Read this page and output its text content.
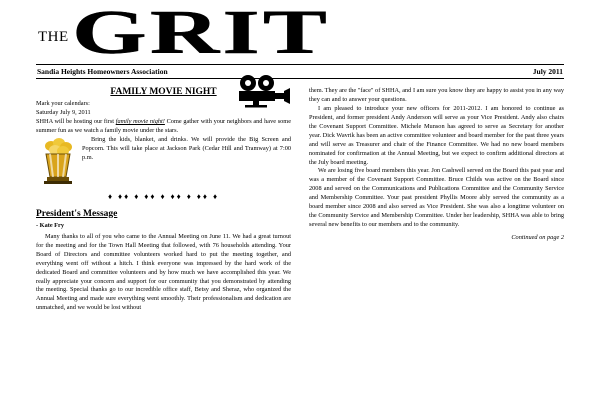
THE GRIT
Sandia Heights Homeowners Association	July 2011
FAMILY MOVIE NIGHT

Mark your calendars:

Saturday July 9, 2011

SHHA will be hosting our first family movie night! Come gather with your neighbors and have some summer fun as we watch a family movie under the stars.

Bring the kids, blanket, and drinks. We will provide the Big Screen and Popcorn. This will take place at Jackson Park (Cedar Hill and Tramway) at 7:00 p.m.

♦ ♦♦ ♦ ♦♦ ♦ ♦♦ ♦ ♦♦ ♦
President's Message
- Kate Fry

Many thanks to all of you who came to the Annual Meeting on June 11. We had a great turnout for the meeting and for the Town Hall Meeting that followed, with 76 households attending. Your Board of Directors and committee volunteers worked hard to put the meeting together, and everything went off without a hitch. I think everyone was impressed by the hard work of the dedicated Board and committee volunteers and by how much we have accomplished this year. We really appreciate your concern and support for our community that you demonstrated by attending the meeting. Special thanks go to our incredible office staff, Betsy and Sheraz, who organized the Annual Meeting and made sure everything went smoothly. Their professionalism and dedication are unmatched, and we would be lost without

them. They are the "face" of SHHA, and I am sure you know they are happy to assist you in any way they can and to answer your questions.

I am pleased to introduce your new officers for 2011-2012. I am honored to continue as President, and former president Andy Anderson will serve as your Vice President. Andy also chairs the Covenant Support Committee. Michele Munson has agreed to serve as Secretary for another year. Dick Wavrik has been an active committee volunteer and board member for the past three years and will serve as Treasurer and chair of the Finance Committee. We had no new board members nominated for confirmation at the Annual Meeting, but we expect to confirm additional directors at the July board meeting.

We are losing five board members this year. Jon Cashwell served on the Board this past year and was a member of the Covenant Support Committee. Bruce Childs was active on the Board since 2008 and served on the Communications and Publications Committee and the Community Service and Membership Committee. Your past president Phyllis Moore ably served the community as a board member since 2008 and also served as Vice President. She was also a longtime volunteer on the Community Service and Membership Committee. Under her leadership, SHHA was able to bring several new benefits to our members and to the community.

Continued on page 2
